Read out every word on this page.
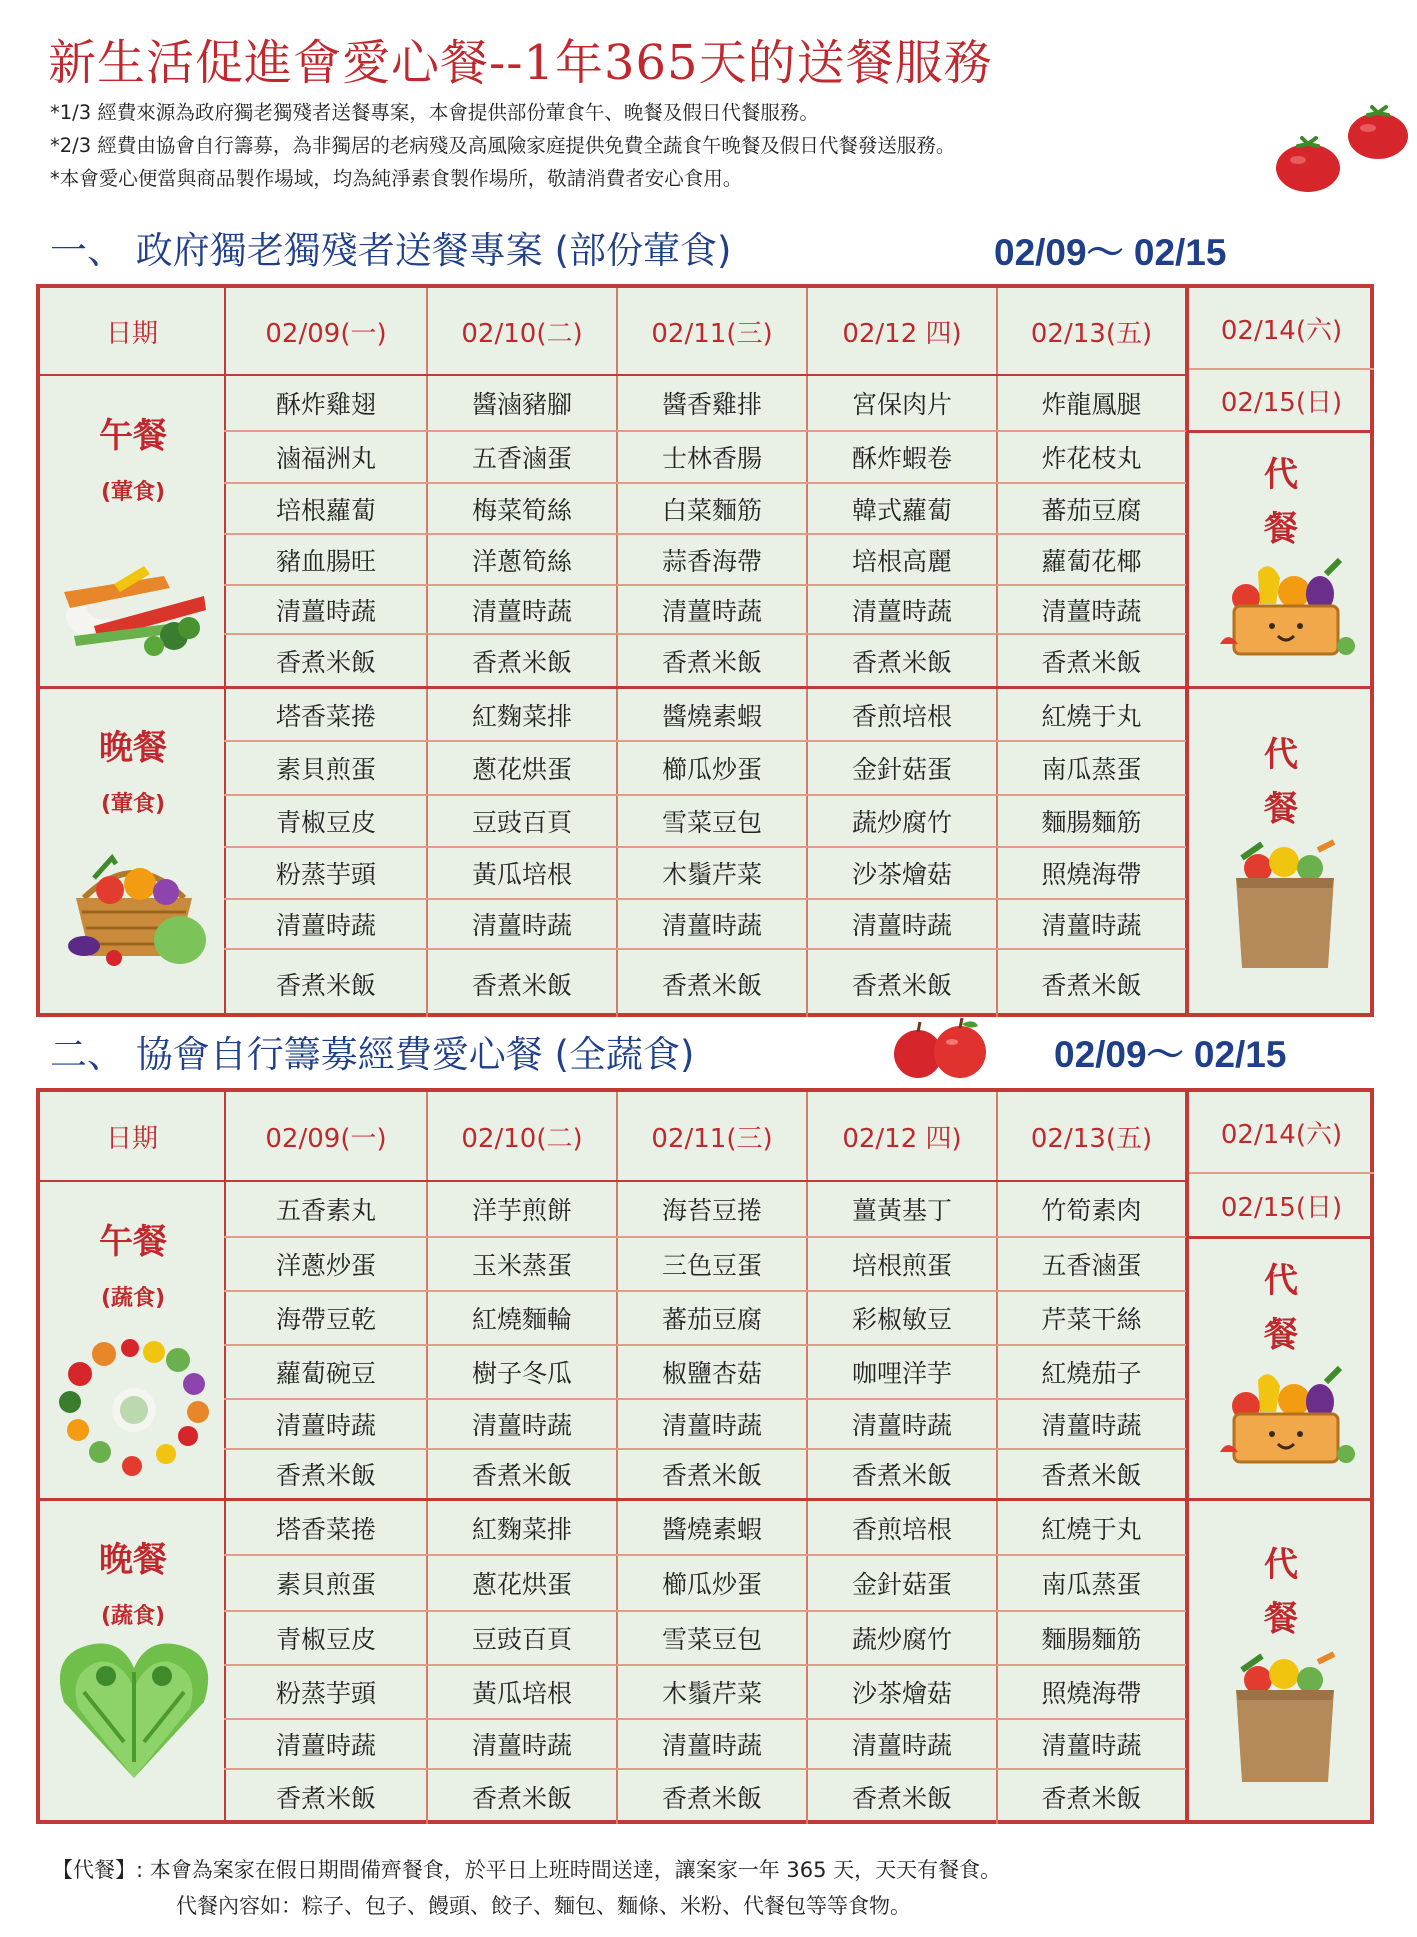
新生活促進會愛心餐--1年365天的送餐服務
*1/3 經費來源為政府獨老獨殘者送餐專案，本會提供部份葷食午、晚餐及假日代餐服務。
*2/3 經費由協會自行籌募，為非獨居的老病殘及高風險家庭提供免費全蔬食午晚餐及假日代餐發送服務。
*本會愛心便當與商品製作場域，均為純淨素食製作場所，敬請消費者安心食用。
一、 政府獨老獨殘者送餐專案 (部份葷食)	02/09～ 02/15
日期	02/09(一)	02/10(二)	02/11(三)	02/12 四)	02/13(五)	02/14(六)
02/15(日)
午餐
(葷食)
晚餐
(葷食)
代餐
代餐
酥炸雞翅	醬滷豬腳	醬香雞排	宮保肉片	炸龍鳳腿
滷福洲丸	五香滷蛋	士林香腸	酥炸蝦卷	炸花枝丸
培根蘿蔔	梅菜筍絲	白菜麵筋	韓式蘿蔔	蕃茄豆腐
豬血腸旺	洋蔥筍絲	蒜香海帶	培根高麗	蘿蔔花椰
清薑時蔬	清薑時蔬	清薑時蔬	清薑時蔬	清薑時蔬
香煮米飯	香煮米飯	香煮米飯	香煮米飯	香煮米飯
塔香菜捲	紅麴菜排	醬燒素蝦	香煎培根	紅燒于丸
素貝煎蛋	蔥花烘蛋	櫛瓜炒蛋	金針菇蛋	南瓜蒸蛋
青椒豆皮	豆豉百頁	雪菜豆包	蔬炒腐竹	麵腸麵筋
粉蒸芋頭	黃瓜培根	木鬚芹菜	沙茶燴菇	照燒海帶
清薑時蔬	清薑時蔬	清薑時蔬	清薑時蔬	清薑時蔬
香煮米飯	香煮米飯	香煮米飯	香煮米飯	香煮米飯
二、 協會自行籌募經費愛心餐 (全蔬食)	02/09～ 02/15
日期	02/09(一)	02/10(二)	02/11(三)	02/12 四)	02/13(五)	02/14(六)
02/15(日)
午餐
(蔬食)
晚餐
(蔬食)
代餐
代餐
五香素丸	洋芋煎餅	海苔豆捲	薑黃基丁	竹筍素肉
洋蔥炒蛋	玉米蒸蛋	三色豆蛋	培根煎蛋	五香滷蛋
海帶豆乾	紅燒麵輪	蕃茄豆腐	彩椒敏豆	芹菜干絲
蘿蔔碗豆	樹子冬瓜	椒鹽杏菇	咖哩洋芋	紅燒茄子
清薑時蔬	清薑時蔬	清薑時蔬	清薑時蔬	清薑時蔬
香煮米飯	香煮米飯	香煮米飯	香煮米飯	香煮米飯
塔香菜捲	紅麴菜排	醬燒素蝦	香煎培根	紅燒于丸
素貝煎蛋	蔥花烘蛋	櫛瓜炒蛋	金針菇蛋	南瓜蒸蛋
青椒豆皮	豆豉百頁	雪菜豆包	蔬炒腐竹	麵腸麵筋
粉蒸芋頭	黃瓜培根	木鬚芹菜	沙茶燴菇	照燒海帶
清薑時蔬	清薑時蔬	清薑時蔬	清薑時蔬	清薑時蔬
香煮米飯	香煮米飯	香煮米飯	香煮米飯	香煮米飯
【代餐】: 本會為案家在假日期間備齊餐食，於平日上班時間送達，讓案家一年 365 天，天天有餐食。
代餐內容如：粽子、包子、饅頭、餃子、麵包、麵條、米粉、代餐包等等食物。
